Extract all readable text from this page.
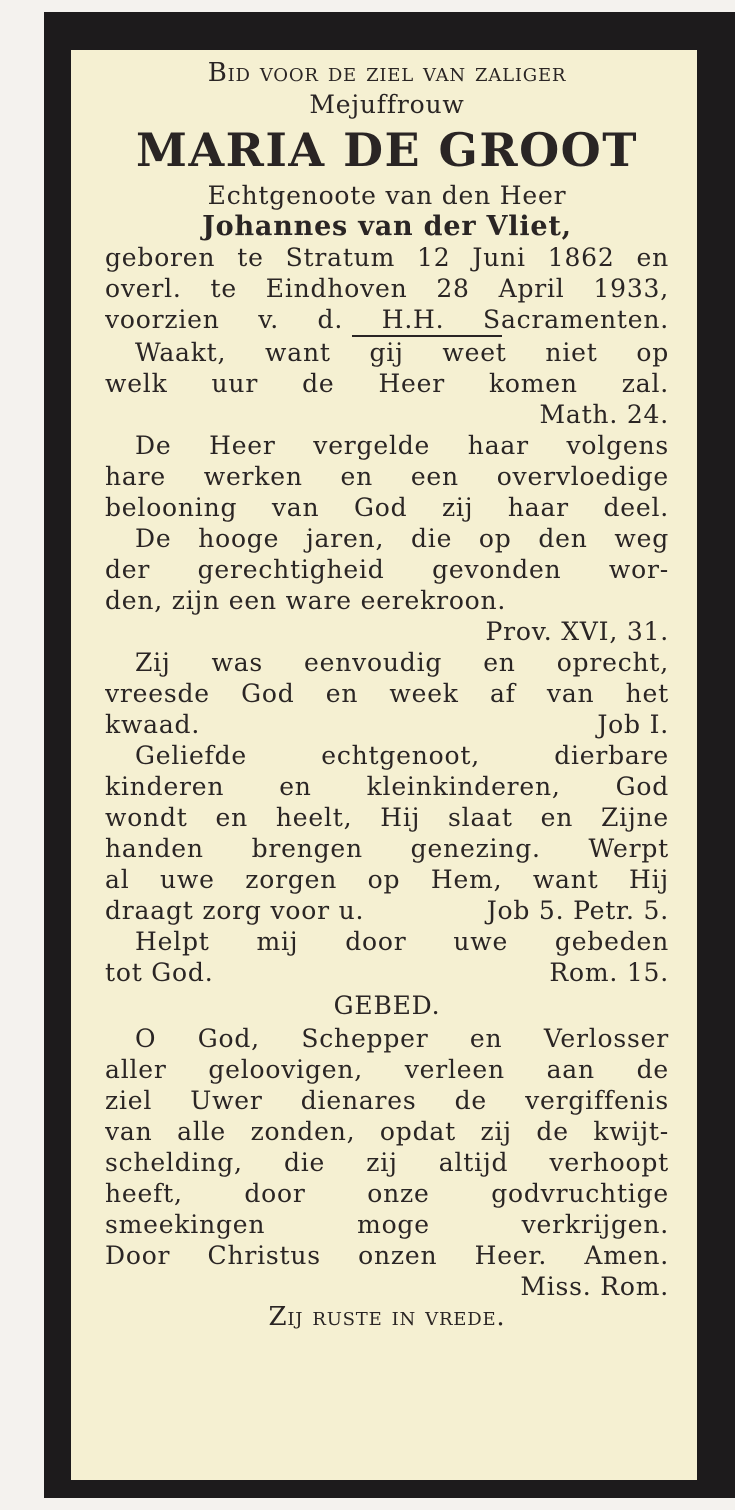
Bid voor de ziel van zaliger
Mejuffrouw
MARIA DE GROOT
Echtgenoote van den Heer
Johannes van der Vliet,
geboren te Stratum 12 Juni 1862 en
overl. te Eindhoven 28 April 1933,
voorzien v. d. H.H. Sacramenten.
Waakt, want gij weet niet op
welk uur de Heer komen zal.
Math. 24.
De Heer vergelde haar volgens
hare werken en een overvloedige
belooning van God zij haar deel.
De hooge jaren, die op den weg
der gerechtigheid gevonden wor-
den, zijn een ware eerekroon.
Prov. XVI, 31.
Zij was eenvoudig en oprecht,
vreesde God en week af van het
kwaad.	Job I.
Geliefde echtgenoot, dierbare
kinderen en kleinkinderen, God
wondt en heelt, Hij slaat en Zijne
handen brengen genezing. Werpt
al uwe zorgen op Hem, want Hij
draagt zorg voor u.	Job 5. Petr. 5.
Helpt mij door uwe gebeden
tot God.	Rom. 15.
GEBED.
O God, Schepper en Verlosser
aller geloovigen, verleen aan de
ziel Uwer dienares de vergiffenis
van alle zonden, opdat zij de kwijt-
schelding, die zij altijd verhoopt
heeft, door onze godvruchtige
smeekingen moge verkrijgen.
Door Christus onzen Heer. Amen.
Miss. Rom.
Zij ruste in vrede.
